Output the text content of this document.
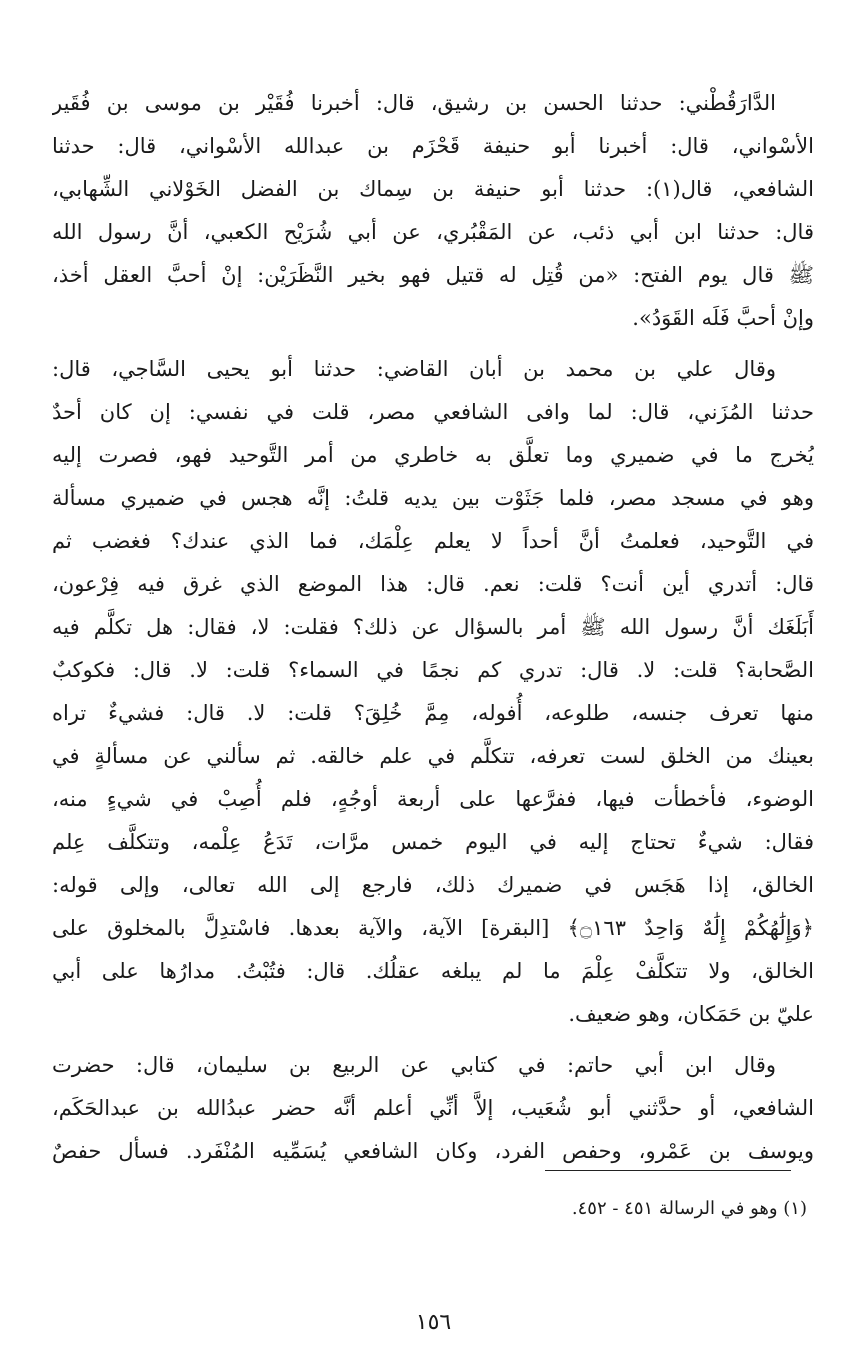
الدَّارَقُطْني: حدثنا الحسن بن رشيق، قال: أخبرنا فُقَيْر بن موسى بن فُقَير
الأسْواني، قال: أخبرنا أبو حنيفة قَحْزَم بن عبدالله الأسْواني، قال: حدثنا
الشافعي، قال(١): حدثنا أبو حنيفة بن سِماك بن الفضل الخَوْلاني الشِّهابي،
قال: حدثنا ابن أبي ذئب، عن المَقْبُري، عن أبي شُرَيْح الكعبي، أنَّ رسول الله
ﷺ قال يوم الفتح: «من قُتِل له قتيل فهو بخير النَّظَرَيْن: إنْ أحبَّ العقل أخذ،
وإنْ أحبَّ فَلَه القَوَدُ».
وقال علي بن محمد بن أبان القاضي: حدثنا أبو يحيى السَّاجي، قال:
حدثنا المُزَني، قال: لما وافى الشافعي مصر، قلت في نفسي: إن كان أحدٌ
يُخرج ما في ضميري وما تعلَّق به خاطري من أمر التَّوحيد فهو، فصرت إليه
وهو في مسجد مصر، فلما جَثَوْت بين يديه قلتُ: إنَّه هجس في ضميري مسألة
في التَّوحيد، فعلمتُ أنَّ أحداً لا يعلم عِلْمَك، فما الذي عندك؟ فغضب ثم
قال: أتدري أين أنت؟ قلت: نعم. قال: هذا الموضع الذي غرق فيه فِرْعون،
أَبَلَغَك أنَّ رسول الله ﷺ أمر بالسؤال عن ذلك؟ فقلت: لا، فقال: هل تكلَّم فيه
الصَّحابة؟ قلت: لا. قال: تدري كم نجمًا في السماء؟ قلت: لا. قال: فكوكبٌ
منها تعرف جنسه، طلوعه، أُفوله، مِمَّ خُلِقَ؟ قلت: لا. قال: فشيءٌ تراه
بعينك من الخلق لست تعرفه، تتكلَّم في علم خالقه. ثم سألني عن مسألةٍ في
الوضوء، فأخطأت فيها، ففرَّعها على أربعة أوجُهٍ، فلم أُصِبْ في شيءٍ منه،
فقال: شيءٌ تحتاج إليه في اليوم خمس مرَّات، تَدَعُ عِلْمه، وتتكلَّف عِلم
الخالق، إذا هَجَس في ضميرك ذلك، فارجع إلى الله تعالى، وإلى قوله:
﴿وَإِلَٰهُكُمْ إِلَٰهٌ وَاحِدٌ ۝١٦٣﴾ [البقرة] الآية، والآية بعدها. فاسْتدِلَّ بالمخلوق على
الخالق، ولا تتكلَّفْ عِلْمَ ما لم يبلغه عقلُك. قال: فتُبْتُ. مدارُها على أبي
عليّ بن حَمَكان، وهو ضعيف.
وقال ابن أبي حاتم: في كتابي عن الربيع بن سليمان، قال: حضرت
الشافعي، أو حدَّثني أبو شُعَيب، إلاَّ أنِّي أعلم أنَّه حضر عبدُالله بن عبدالحَكَم،
ويوسف بن عَمْرو، وحفص الفرد، وكان الشافعي يُسَمِّيه المُنْفَرد. فسأل حفصٌ
(١) وهو في الرسالة ٤٥١ - ٤٥٢.
١٥٦
